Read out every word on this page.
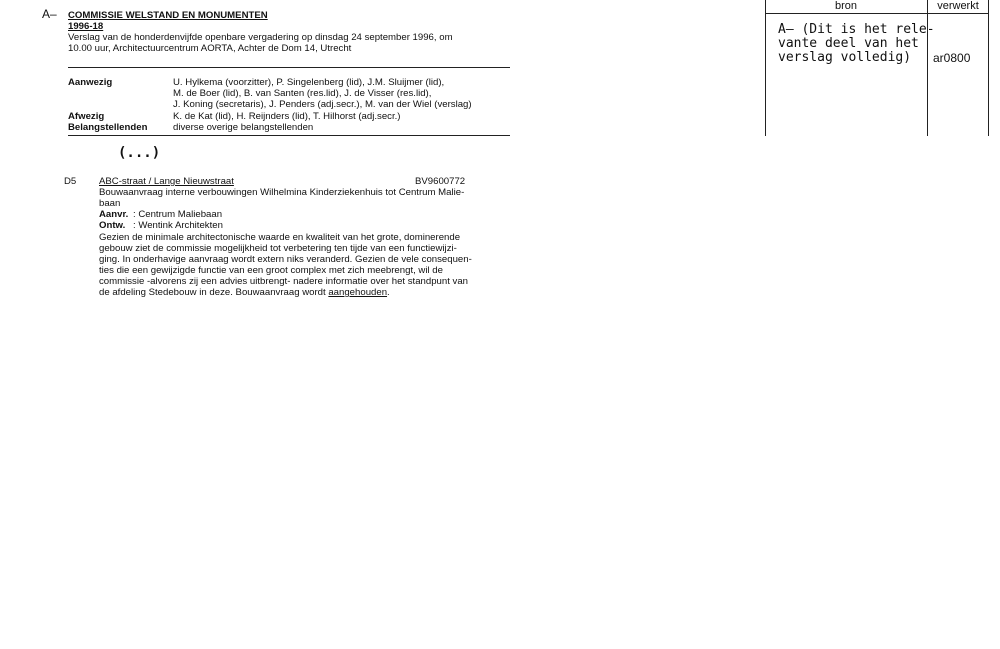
A– COMMISSIE WELSTAND EN MONUMENTEN
1996-18
Verslag van de honderdenvijfde openbare vergadering op dinsdag 24 september 1996, om
10.00 uur, Architectuurcentrum AORTA, Achter de Dom 14, Utrecht
Aanwezig	U. Hylkema (voorzitter), P. Singelenberg (lid), J.M. Sluijmer (lid),
M. de Boer (lid), B. van Santen (res.lid), J. de Visser (res.lid),
J. Koning (secretaris), J. Penders (adj.secr.), M. van der Wiel (verslag)
Afwezig	K. de Kat (lid), H. Reijnders (lid), T. Hilhorst (adj.secr.)
Belangstellenden	diverse overige belangstellenden
(...)
D5 ABC-straat / Lange Nieuwstraat	BV9600772
Bouwaanvraag interne verbouwingen Wilhelmina Kinderziekenhuis tot Centrum Malie-
baan
Aanvr. : Centrum Maliebaan
Ontw. : Wentink Architekten
Gezien de minimale architectonische waarde en kwaliteit van het grote, dominerende
gebouw ziet de commissie mogelijkheid tot verbetering ten tijde van een functiewijzi-
ging. In onderhavige aanvraag wordt extern niks veranderd. Gezien de vele consequen-
ties die een gewijzigde functie van een groot complex met zich meebrengt, wil de
commissie -alvorens zij een advies uitbrengt- nadere informatie over het standpunt van
de afdeling Stedebouw in deze. Bouwaanvraag wordt aangehouden.
bron	verwerkt
A– (Dit is het rele-
vante deel van het
verslag volledig) ar0800
